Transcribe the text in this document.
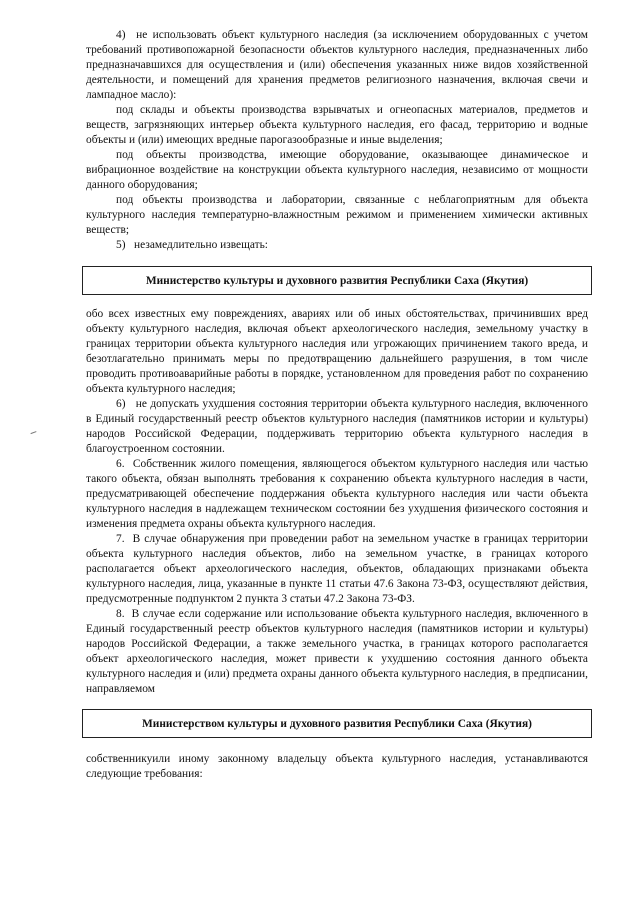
4)  не использовать объект культурного наследия (за исключением оборудованных с учетом требований противопожарной безопасности объектов культурного наследия, предназначенных либо предназначавшихся для осуществления и (или) обеспечения указанных ниже видов хозяйственной деятельности, и помещений для хранения предметов религиозного назначения, включая свечи и лампадное масло):

под склады и объекты производства взрывчатых и огнеопасных материалов, предметов и веществ, загрязняющих интерьер объекта культурного наследия, его фасад, территорию и водные объекты и (или) имеющих вредные парогазообразные и иные выделения;

под объекты производства, имеющие оборудование, оказывающее динамическое и вибрационное воздействие на конструкции объекта культурного наследия, независимо от мощности данного оборудования;

под объекты производства и лаборатории, связанные с неблагоприятным для объекта культурного наследия температурно-влажностным режимом и применением химически активных веществ;

5)   незамедлительно извещать:

Министерство культуры и духовного развития Республики Саха (Якутия)

обо всех известных ему повреждениях, авариях или об иных обстоятельствах, причинивших вред объекту культурного наследия, включая объект археологического наследия, земельному участку в границах территории объекта культурного наследия или угрожающих причинением такого вреда, и безотлагательно принимать меры по предотвращению дальнейшего разрушения, в том числе проводить противоаварийные работы в порядке, установленном для проведения работ по сохранению объекта культурного наследия;

6)   не допускать ухудшения состояния территории объекта культурного наследия, включенного в Единый государственный реестр объектов культурного наследия (памятников истории и культуры) народов Российской Федерации, поддерживать территорию объекта культурного наследия в благоустроенном состоянии.

6.  Собственник жилого помещения, являющегося объектом культурного наследия или частью такого объекта, обязан выполнять требования к сохранению объекта культурного наследия в части, предусматривающей обеспечение поддержания объекта культурного наследия или части объекта культурного наследия в надлежащем техническом состоянии без ухудшения физического состояния и изменения предмета охраны объекта культурного наследия.

7.  В случае обнаружения при проведении работ на земельном участке в границах территории объекта культурного наследия объектов, либо на земельном участке, в границах которого располагается объект археологического наследия, объектов, обладающих признаками объекта культурного наследия, лица, указанные в пункте 11 статьи 47.6 Закона 73-ФЗ, осуществляют действия, предусмотренные подпунктом 2 пункта 3 статьи 47.2 Закона 73-ФЗ.

8.  В случае если содержание или использование объекта культурного наследия, включенного в Единый государственный реестр объектов культурного наследия (памятников истории и культуры) народов Российской Федерации, а также земельного участка, в границах которого располагается объект археологического наследия, может привести к ухудшению состояния данного объекта культурного наследия и (или) предмета охраны данного объекта культурного наследия, в предписании, направляемом

Министерством культуры и духовного развития Республики Саха (Якутия)

собственникуили иному законному владельцу объекта культурного наследия, устанавливаются следующие требования:
